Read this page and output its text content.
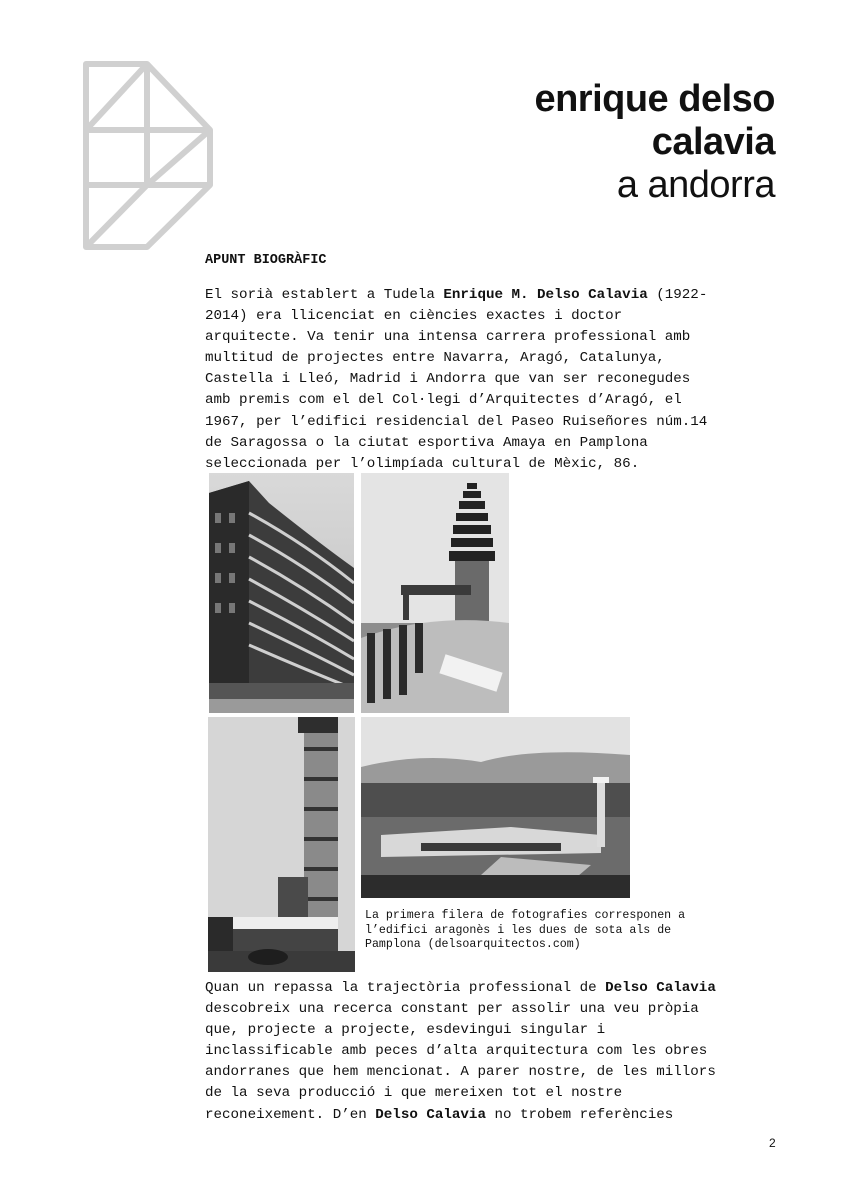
enrique delso
calavia
a andorra
APUNT BIOGRÀFIC
El sorià establert a Tudela Enrique M. Delso Calavia (1922-
2014) era llicenciat en ciències exactes i doctor
arquitecte. Va tenir una intensa carrera professional amb
multitud de projectes entre Navarra, Aragó, Catalunya,
Castella i Lleó, Madrid i Andorra que van ser reconegudes
amb premis com el del Col·legi d’Arquitectes d’Aragó, el
1967, per l’edifici residencial del Paseo Ruiseñores núm.14
de Saragossa o la ciutat esportiva Amaya en Pamplona
seleccionada per l’olimpíada cultural de Mèxic, 86.
La primera filera de fotografies corresponen a
l’edifici aragonès i les dues de sota als de
Pamplona (delsoarquitectos.com)
Quan un repassa la trajectòria professional de Delso Calavia
descobreix una recerca constant per assolir una veu pròpia
que, projecte a projecte, esdevingui singular i
inclassificable amb peces d’alta arquitectura com les obres
andorranes que hem mencionat. A parer nostre, de les millors
de la seva producció i que mereixen tot el nostre
reconeixement. D’en Delso Calavia no trobem referències
2
